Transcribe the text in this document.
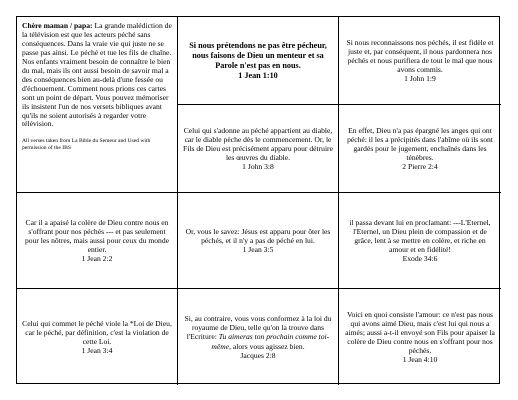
Chère maman / papa: La grande malédiction de la télévision est que les acteurs péché sans conséquences. Dans la vraie vie qui juste ne se passe pas ainsi. Le péché et tue les fils de chaîne. Nos enfants vraiment besoin de connaître le bien du mal, mais ils ont aussi besoin de savoir mal a des conséquences bien au-delà d'une fessée ou d'échouement. Comment nous prions ces cartes sont un point de départ. Vous pouvez mémoriser ils insistent l'un de nos versets bibliques avant qu'ils ne soient autorisés à regarder votre télévision.
All verses taken from La Bible du Semeur and Used with permission of the IBS
Si nous prétendons ne pas être pécheur, nous faisons de Dieu un menteur et sa Parole n'est pas en nous.
1 Jean 1:10
Si nous reconnaissons nos péchés, il est fidèle et juste et, par conséquent, il nous pardonnera nos péchés et nous purifiera de tout le mal que nous avons commis.
1 John 1:9
Celui qui s'adonne au péché appartient au diable, car le diable pèche dès le commencement. Or, le Fils de Dieu est précisément apparu pour détruire les œuvres du diable.
1 John 3:8
En effet, Dieu n'a pas épargné les anges qui ont péché: il les a précipités dans l'abîme où ils sont gardés pour le jugement, enchaînés dans les ténèbres.
2 Pierre 2:4
Car il a apaisé la colère de Dieu contre nous en s'offrant pour nos péchés --- et pas seulement pour les nôtres, mais aussi pour ceux du monde entier.
1 Jean 2:2
Or, vous le savez: Jésus est apparu pour ôter les péchés, et il n'y a pas de péché en lui.
1 Jean 3:5
il passa devant lui en proclamant: ---L'Eternel, l'Eternel, un Dieu plein de compassion et de grâce, lent à se mettre en colère, et riche en amour et en fidélité!
Exode 34:6
Celui qui commet le péché viole la *Loi de Dieu, car le péché, par définition, c'est la violation de cette Loi.
1 Jean 3:4
Si, au contraire, vous vous conformez à la loi du royaume de Dieu, telle qu'on la trouve dans l'Ecriture: Tu aimeras ton prochain comme toi-même, alors vous agissez bien.
Jacques 2:8
Voici en quoi consiste l'amour: ce n'est pas nous qui avons aimé Dieu, mais c'est lui qui nous a aimés; aussi a-t-il envoyé son Fils pour apaiser la colère de Dieu contre nous en s'offrant pour nos péchés.
1 Jean 4:10
